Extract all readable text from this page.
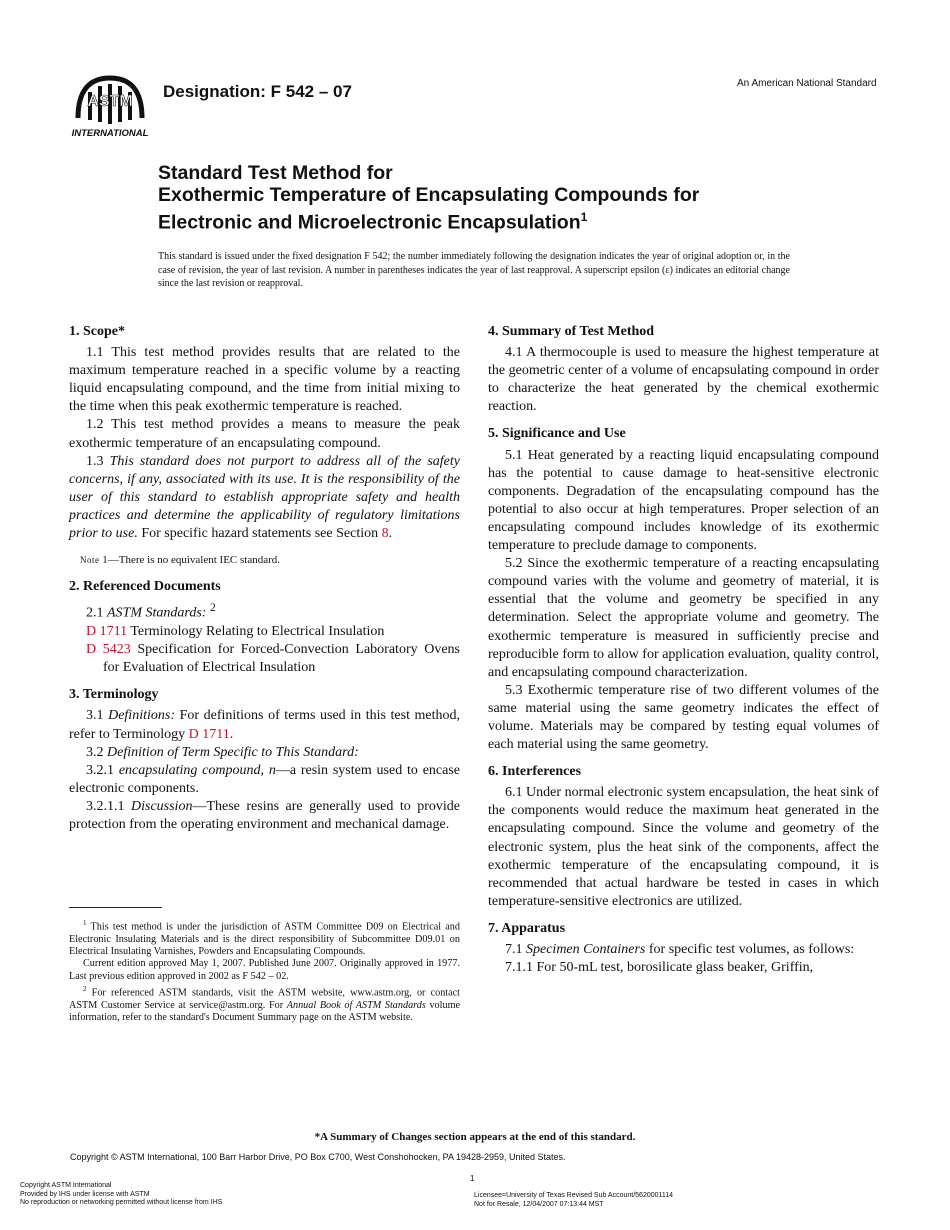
ASTM
INTERNATIONAL
Designation: F 542 – 07	An American National Standard
Standard Test Method for
Exothermic Temperature of Encapsulating Compounds for
Electronic and Microelectronic Encapsulation$^1$
This standard is issued under the fixed designation F 542; the number immediately following the designation indicates the year of original adoption or, in the case of revision, the year of last revision. A number in parentheses indicates the year of last reapproval. A superscript epsilon (ε) indicates an editorial change since the last revision or reapproval.
1. Scope*

1.1 This test method provides results that are related to the maximum temperature reached in a specific volume by a reacting liquid encapsulating compound, and the time from initial mixing to the time when this peak exothermic temperature is reached.

1.2 This test method provides a means to measure the peak exothermic temperature of an encapsulating compound.

1.3 This standard does not purport to address all of the safety concerns, if any, associated with its use. It is the responsibility of the user of this standard to establish appropriate safety and health practices and determine the applicability of regulatory limitations prior to use. For specific hazard statements see Section 8.

Note 1—There is no equivalent IEC standard.

2. Referenced Documents

2.1 ASTM Standards: $^2$

D 1711 Terminology Relating to Electrical Insulation

D 5423 Specification for Forced-Convection Laboratory Ovens for Evaluation of Electrical Insulation

3. Terminology

3.1 Definitions: For definitions of terms used in this test method, refer to Terminology D 1711.

3.2 Definition of Term Specific to This Standard:

3.2.1 encapsulating compound, n—a resin system used to encase electronic components.

3.2.1.1 Discussion—These resins are generally used to provide protection from the operating environment and mechanical damage.

$^1$ This test method is under the jurisdiction of ASTM Committee D09 on Electrical and Electronic Insulating Materials and is the direct responsibility of Subcommittee D09.01 on Electrical Insulating Varnishes, Powders and Encapsulating Compounds.

Current edition approved May 1, 2007. Published June 2007. Originally approved in 1977. Last previous edition approved in 2002 as F 542 – 02.

$^2$ For referenced ASTM standards, visit the ASTM website, www.astm.org, or contact ASTM Customer Service at service@astm.org. For Annual Book of ASTM Standards volume information, refer to the standard's Document Summary page on the ASTM website.

4. Summary of Test Method

4.1 A thermocouple is used to measure the highest temperature at the geometric center of a volume of encapsulating compound in order to characterize the heat generated by the chemical exothermic reaction.

5. Significance and Use

5.1 Heat generated by a reacting liquid encapsulating compound has the potential to cause damage to heat-sensitive electronic components. Degradation of the encapsulating compound has the potential to also occur at high temperatures. Proper selection of an encapsulating compound includes knowledge of its exothermic temperature to preclude damage to components.

5.2 Since the exothermic temperature of a reacting encapsulating compound varies with the volume and geometry of material, it is essential that the volume and geometry be specified in any determination. Select the appropriate volume and geometry. The exothermic temperature is measured in sufficiently precise and reproducible form to allow for application evaluation, quality control, and encapsulating compound characterization.

5.3 Exothermic temperature rise of two different volumes of the same material using the same geometry indicates the effect of volume. Materials may be compared by testing equal volumes of each material using the same geometry.

6. Interferences

6.1 Under normal electronic system encapsulation, the heat sink of the components would reduce the maximum heat generated in the encapsulating compound. Since the volume and geometry of the electronic system, plus the heat sink of the components, affect the exothermic temperature of the encapsulating compound, it is recommended that actual hardware be tested in cases in which temperature-sensitive electronics are utilized.

7. Apparatus

7.1 Specimen Containers for specific test volumes, as follows:

7.1.1 For 50-mL test, borosilicate glass beaker, Griffin,

*A Summary of Changes section appears at the end of this standard.
Copyright © ASTM International, 100 Barr Harbor Drive, PO Box C700, West Conshohocken, PA 19428-2959, United States.
1
Copyright ASTM International
Provided by IHS under license with ASTM
No reproduction or networking permitted without license from IHS
Licensee=University of Texas Revised Sub Account/5620001114
Not for Resale, 12/04/2007 07:13:44 MST
